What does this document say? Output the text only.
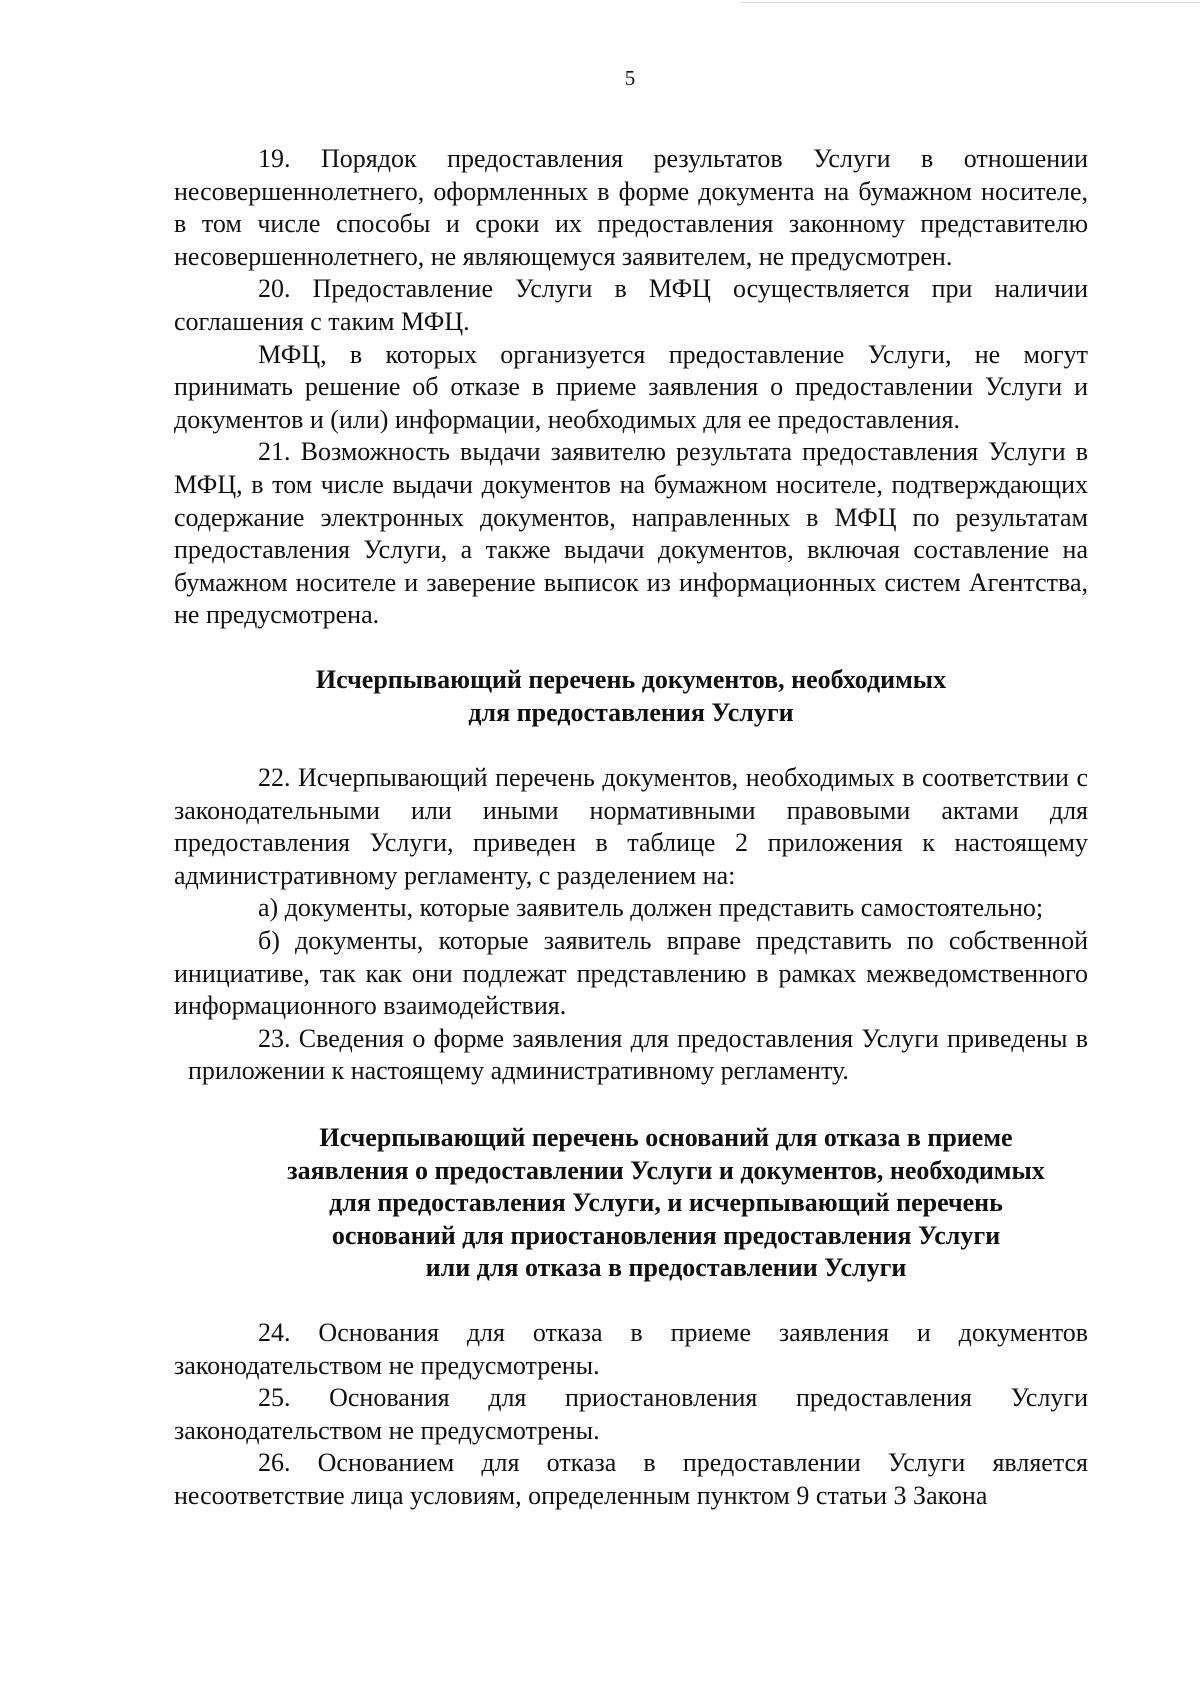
5

19. Порядок предоставления результатов Услуги в отношении несовершеннолетнего, оформленных в форме документа на бумажном носителе, в том числе способы и сроки их предоставления законному представителю несовершеннолетнего, не являющемуся заявителем, не предусмотрен.

20. Предоставление Услуги в МФЦ осуществляется при наличии соглашения с таким МФЦ.

МФЦ, в которых организуется предоставление Услуги, не могут принимать решение об отказе в приеме заявления о предоставлении Услуги и документов и (или) информации, необходимых для ее предоставления.

21. Возможность выдачи заявителю результата предоставления Услуги в МФЦ, в том числе выдачи документов на бумажном носителе, подтверждающих содержание электронных документов, направленных в МФЦ по результатам предоставления Услуги, а также выдачи документов, включая составление на бумажном носителе и заверение выписок из информационных систем Агентства, не предусмотрена.

Исчерпывающий перечень документов, необходимых
для предоставления Услуги

22. Исчерпывающий перечень документов, необходимых в соответствии с законодательными или иными нормативными правовыми актами для предоставления Услуги, приведен в таблице 2 приложения к настоящему административному регламенту, с разделением на:

а) документы, которые заявитель должен представить самостоятельно;

б) документы, которые заявитель вправе представить по собственной инициативе, так как они подлежат представлению в рамках межведомственного информационного взаимодействия.

23. Сведения о форме заявления для предоставления Услуги приведены в приложении к настоящему административному регламенту.

Исчерпывающий перечень оснований для отказа в приеме
заявления о предоставлении Услуги и документов, необходимых
для предоставления Услуги, и исчерпывающий перечень
оснований для приостановления предоставления Услуги
или для отказа в предоставлении Услуги

24. Основания для отказа в приеме заявления и документов законодательством не предусмотрены.

25. Основания для приостановления предоставления Услуги законодательством не предусмотрены.

26. Основанием для отказа в предоставлении Услуги является несоответствие лица условиям, определенным пунктом 9 статьи 3 Закона
